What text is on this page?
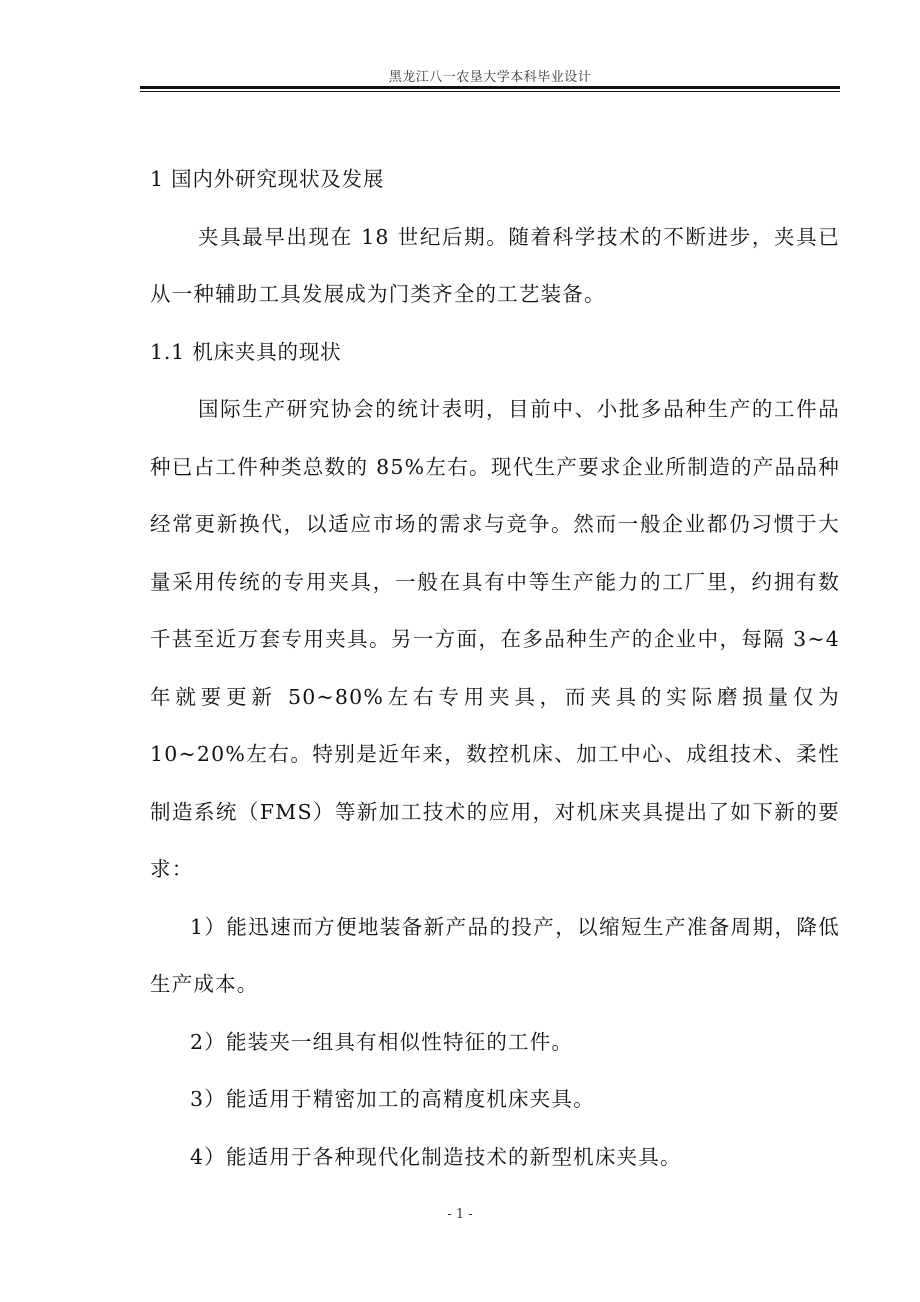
黑龙江八一农垦大学本科毕业设计

1 国内外研究现状及发展

夹具最早出现在 18 世纪后期。随着科学技术的不断进步，夹具已从一种辅助工具发展成为门类齐全的工艺装备。

1.1 机床夹具的现状

国际生产研究协会的统计表明，目前中、小批多品种生产的工件品种已占工件种类总数的 85%左右。现代生产要求企业所制造的产品品种经常更新换代，以适应市场的需求与竞争。然而一般企业都仍习惯于大量采用传统的专用夹具，一般在具有中等生产能力的工厂里，约拥有数千甚至近万套专用夹具。另一方面，在多品种生产的企业中，每隔 3~4 年就要更新 50~80%左右专用夹具，而夹具的实际磨损量仅为 10~20%左右。特别是近年来，数控机床、加工中心、成组技术、柔性制造系统（FMS）等新加工技术的应用，对机床夹具提出了如下新的要求：

1）能迅速而方便地装备新产品的投产，以缩短生产准备周期，降低生产成本。

2）能装夹一组具有相似性特征的工件。

3）能适用于精密加工的高精度机床夹具。

4）能适用于各种现代化制造技术的新型机床夹具。

- 1 -
